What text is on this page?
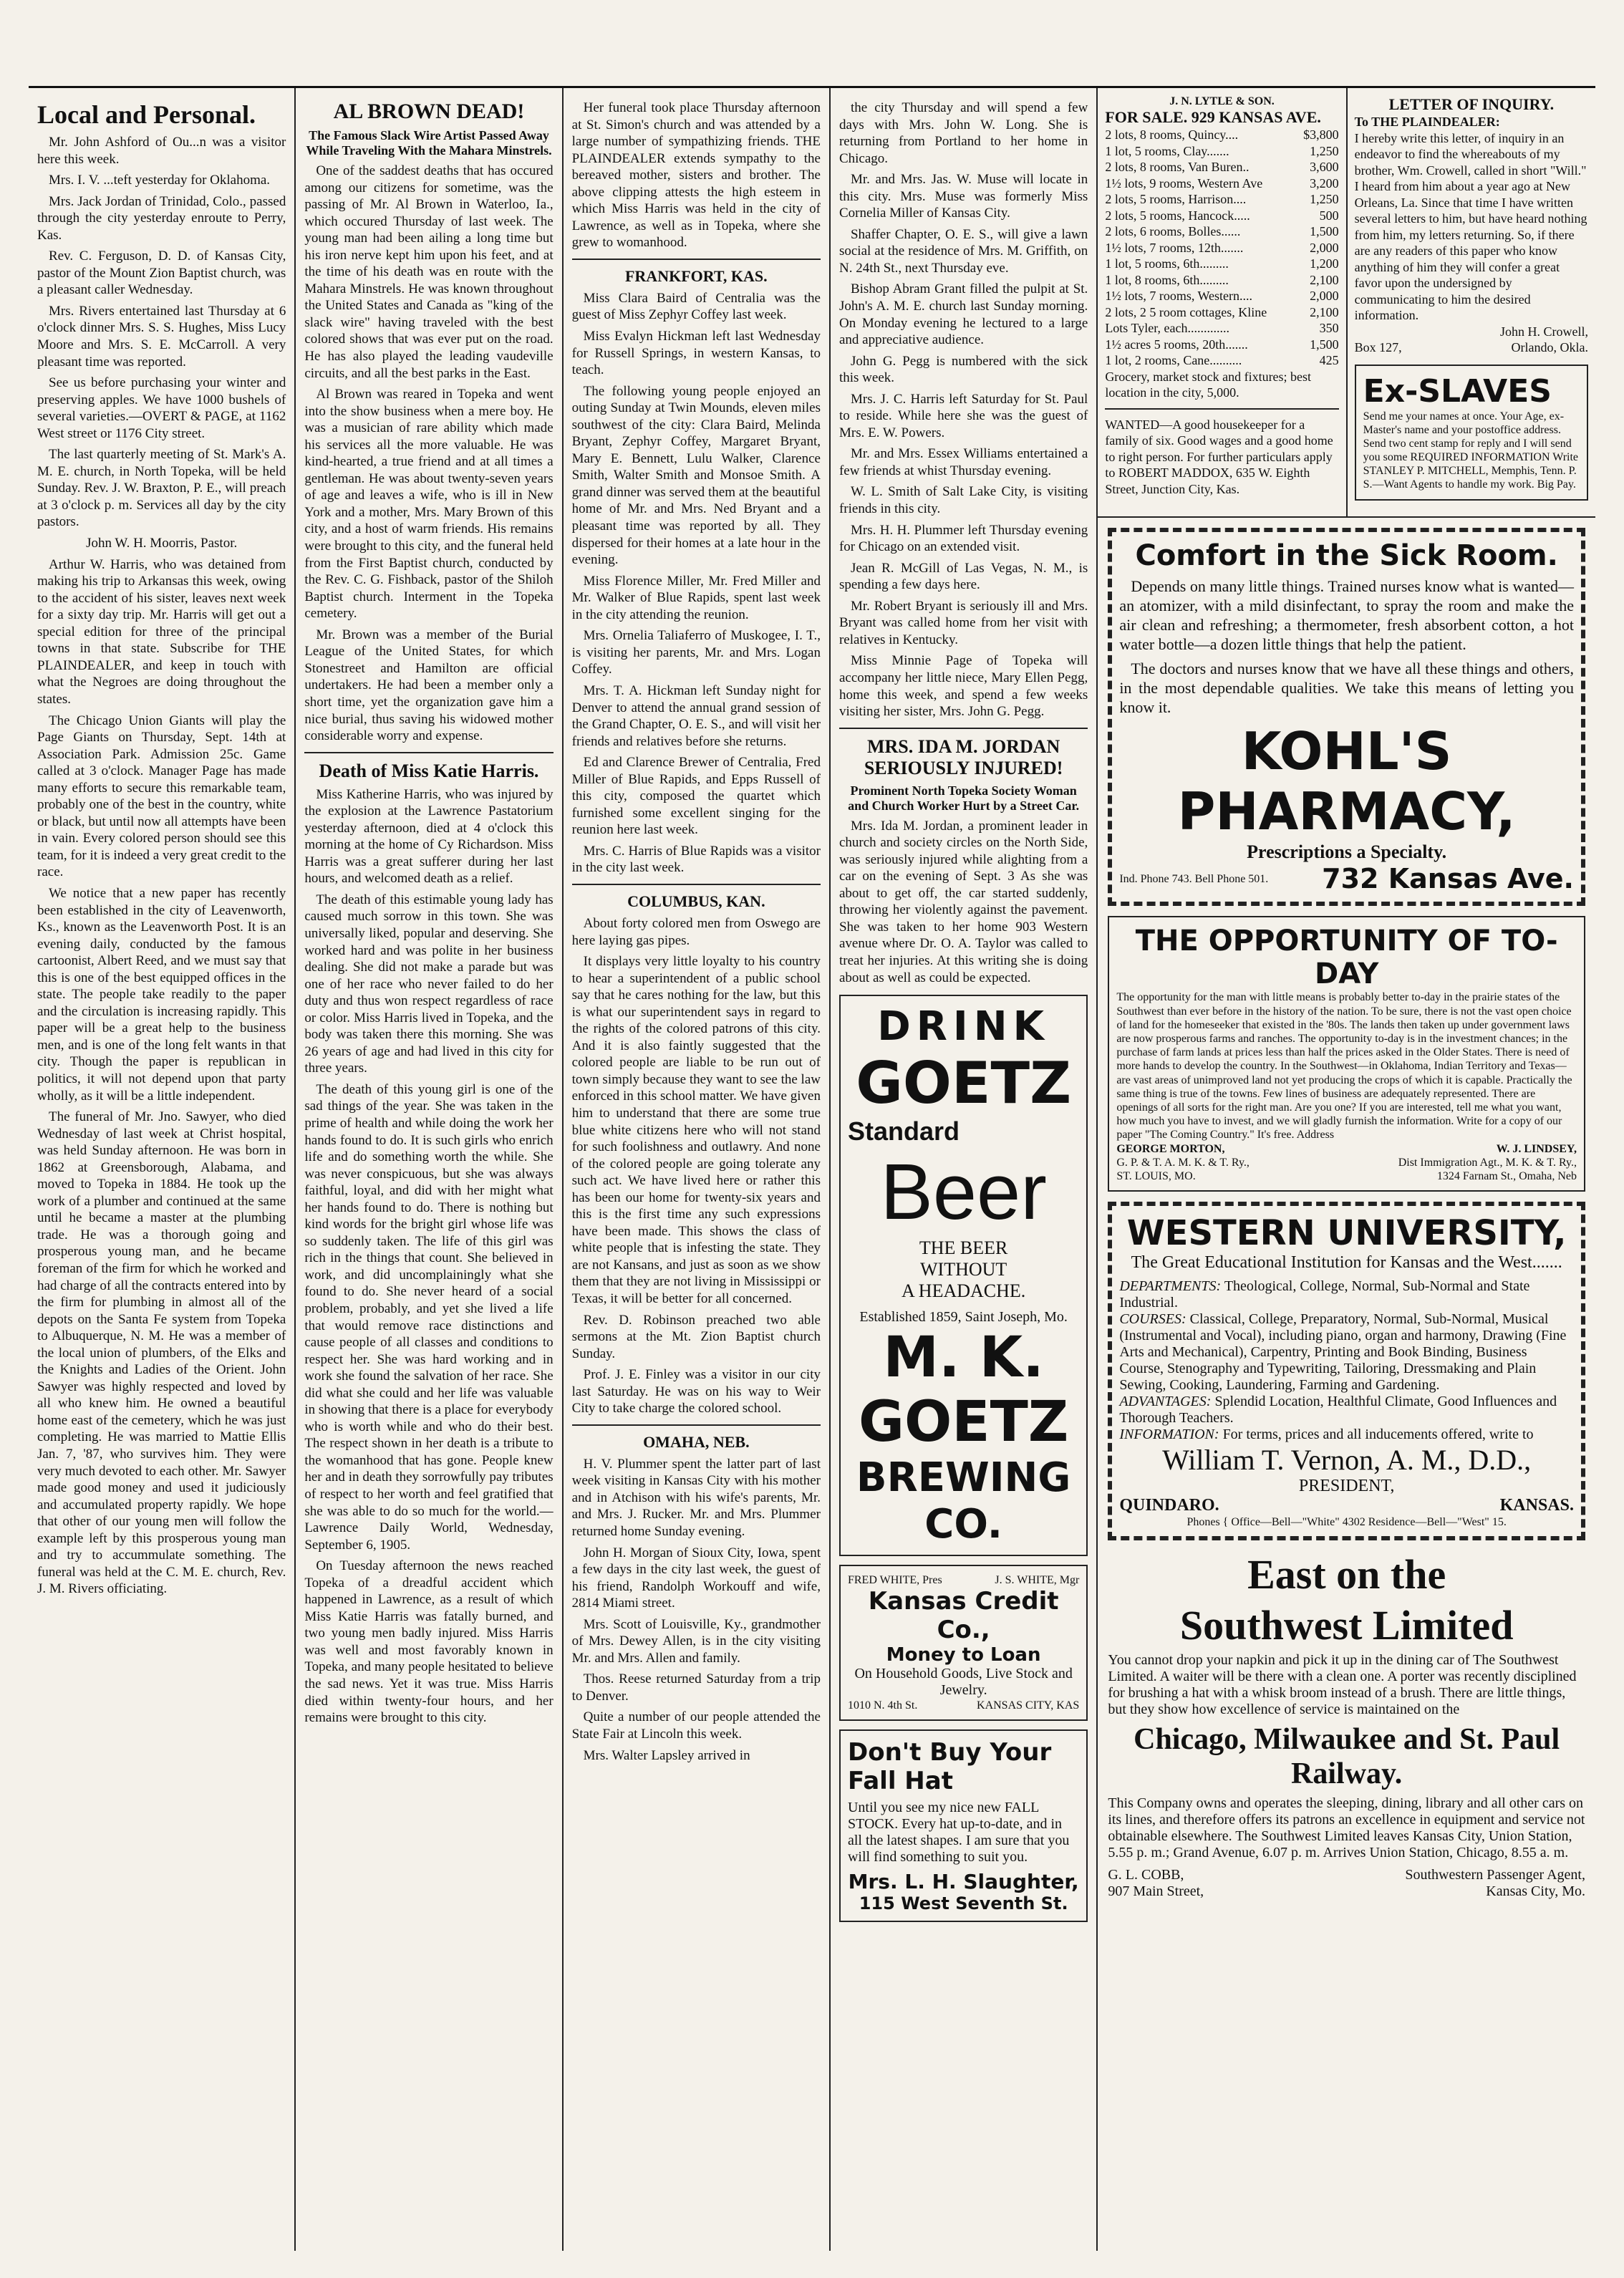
Local and Personal.

Mr. John Ashford of Ou...n was a visitor here this week.

Mrs. I. V. ...teft yesterday for Oklahoma.

Mrs. Jack Jordan of Trinidad, Colo., passed through the city yesterday enroute to Perry, Kas.

Rev. C. Ferguson, D. D. of Kansas City, pastor of the Mount Zion Baptist church, was a pleasant caller Wednesday.

Mrs. Rivers entertained last Thursday at 6 o'clock dinner Mrs. S. S. Hughes, Miss Lucy Moore and Mrs. S. E. McCarroll. A very pleasant time was reported.

See us before purchasing your winter and preserving apples. We have 1000 bushels of several varieties.—OVERT & PAGE, at 1162 West street or 1176 City street.

The last quarterly meeting of St. Mark's A. M. E. church, in North Topeka, will be held Sunday. Rev. J. W. Braxton, P. E., will preach at 3 o'clock p. m. Services all day by the city pastors.

John W. H. Moorris, Pastor.

Arthur W. Harris, who was detained from making his trip to Arkansas this week, owing to the accident of his sister, leaves next week for a sixty day trip. Mr. Harris will get out a special edition for three of the principal towns in that state. Subscribe for THE PLAINDEALER, and keep in touch with what the Negroes are doing throughout the states.

The Chicago Union Giants will play the Page Giants on Thursday, Sept. 14th at Association Park. Admission 25c. Game called at 3 o'clock. Manager Page has made many efforts to secure this remarkable team, probably one of the best in the country, white or black, but until now all attempts have been in vain. Every colored person should see this team, for it is indeed a very great credit to the race.

We notice that a new paper has recently been established in the city of Leavenworth, Ks., known as the Leavenworth Post. It is an evening daily, conducted by the famous cartoonist, Albert Reed, and we must say that this is one of the best equipped offices in the state. The people take readily to the paper and the circulation is increasing rapidly. This paper will be a great help to the business men, and is one of the long felt wants in that city. Though the paper is republican in politics, it will not depend upon that party wholly, as it will be a little independent.

The funeral of Mr. Jno. Sawyer, who died Wednesday of last week at Christ hospital, was held Sunday afternoon. He was born in 1862 at Greensborough, Alabama, and moved to Topeka in 1884. He took up the work of a plumber and continued at the same until he became a master at the plumbing trade. He was a thorough going and prosperous young man, and he became foreman of the firm for which he worked and had charge of all the contracts entered into by the firm for plumbing in almost all of the depots on the Santa Fe system from Topeka to Albuquerque, N. M. He was a member of the local union of plumbers, of the Elks and the Knights and Ladies of the Orient. John Sawyer was highly respected and loved by all who knew him. He owned a beautiful home east of the cemetery, which he was just completing. He was married to Mattie Ellis Jan. 7, '87, who survives him. They were very much devoted to each other. Mr. Sawyer made good money and used it judiciously and accumulated property rapidly. We hope that other of our young men will follow the example left by this prosperous young man and try to accummulate something. The funeral was held at the C. M. E. church, Rev. J. M. Rivers officiating.

AL BROWN DEAD!
The Famous Slack Wire Artist Passed Away While Traveling With the Mahara Minstrels.

One of the saddest deaths that has occured among our citizens for sometime, was the passing of Mr. Al Brown in Waterloo, Ia., which occured Thursday of last week. The young man had been ailing a long time but his iron nerve kept him upon his feet, and at the time of his death was en route with the Mahara Minstrels. He was known throughout the United States and Canada as "king of the slack wire" having traveled with the best colored shows that was ever put on the road. He has also played the leading vaudeville circuits, and all the best parks in the East.

Al Brown was reared in Topeka and went into the show business when a mere boy. He was a musician of rare ability which made his services all the more valuable. He was kind-hearted, a true friend and at all times a gentleman. He was about twenty-seven years of age and leaves a wife, who is ill in New York and a mother, Mrs. Mary Brown of this city, and a host of warm friends. His remains were brought to this city, and the funeral held from the First Baptist church, conducted by the Rev. C. G. Fishback, pastor of the Shiloh Baptist church. Interment in the Topeka cemetery.

Mr. Brown was a member of the Burial League of the United States, for which Stonestreet and Hamilton are official undertakers. He had been a member only a short time, yet the organization gave him a nice burial, thus saving his widowed mother considerable worry and expense.

Death of Miss Katie Harris.

Miss Katherine Harris, who was injured by the explosion at the Lawrence Pastatorium yesterday afternoon, died at 4 o'clock this morning at the home of Cy Richardson. Miss Harris was a great sufferer during her last hours, and welcomed death as a relief.

The death of this estimable young lady has caused much sorrow in this town. She was universally liked, popular and deserving. She worked hard and was polite in her business dealing. She did not make a parade but was one of her race who never failed to do her duty and thus won respect regardless of race or color. Miss Harris lived in Topeka, and the body was taken there this morning. She was 26 years of age and had lived in this city for three years.

The death of this young girl is one of the sad things of the year. She was taken in the prime of health and while doing the work her hands found to do. It is such girls who enrich life and do something worth the while. She was never conspicuous, but she was always faithful, loyal, and did with her might what her hands found to do. There is nothing but kind words for the bright girl whose life was so suddenly taken. The life of this girl was rich in the things that count. She believed in work, and did uncomplainingly what she found to do. She never heard of a social problem, probably, and yet she lived a life that would remove race distinctions and cause people of all classes and conditions to respect her. She was hard working and in work she found the salvation of her race. She did what she could and her life was valuable in showing that there is a place for everybody who is worth while and who do their best. The respect shown in her death is a tribute to the womanhood that has gone. People knew her and in death they sorrowfully pay tributes of respect to her worth and feel gratified that she was able to do so much for the world.—Lawrence Daily World, Wednesday, September 6, 1905.

On Tuesday afternoon the news reached Topeka of a dreadful accident which happened in Lawrence, as a result of which Miss Katie Harris was fatally burned, and two young men badly injured. Miss Harris was well and most favorably known in Topeka, and many people hesitated to believe the sad news. Yet it was true. Miss Harris died within twenty-four hours, and her remains were brought to this city.

Her funeral took place Thursday afternoon at St. Simon's church and was attended by a large number of sympathizing friends. THE PLAINDEALER extends sympathy to the bereaved mother, sisters and brother. The above clipping attests the high esteem in which Miss Harris was held in the city of Lawrence, as well as in Topeka, where she grew to womanhood.

FRANKFORT, KAS.

Miss Clara Baird of Centralia was the guest of Miss Zephyr Coffey last week.

Miss Evalyn Hickman left last Wednesday for Russell Springs, in western Kansas, to teach.

The following young people enjoyed an outing Sunday at Twin Mounds, eleven miles southwest of the city: Clara Baird, Melinda Bryant, Zephyr Coffey, Margaret Bryant, Mary E. Bennett, Lulu Walker, Clarence Smith, Walter Smith and Monsoe Smith. A grand dinner was served them at the beautiful home of Mr. and Mrs. Ned Bryant and a pleasant time was reported by all. They dispersed for their homes at a late hour in the evening.

Miss Florence Miller, Mr. Fred Miller and Mr. Walker of Blue Rapids, spent last week in the city attending the reunion.

Mrs. Ornelia Taliaferro of Muskogee, I. T., is visiting her parents, Mr. and Mrs. Logan Coffey.

Mrs. T. A. Hickman left Sunday night for Denver to attend the annual grand session of the Grand Chapter, O. E. S., and will visit her friends and relatives before she returns.

Ed and Clarence Brewer of Centralia, Fred Miller of Blue Rapids, and Epps Russell of this city, composed the quartet which furnished some excellent singing for the reunion here last week.

Mrs. C. Harris of Blue Rapids was a visitor in the city last week.

COLUMBUS, KAN.

About forty colored men from Oswego are here laying gas pipes.

It displays very little loyalty to his country to hear a superintendent of a public school say that he cares nothing for the law, but this is what our superintendent says in regard to the rights of the colored patrons of this city. And it is also faintly suggested that the colored people are liable to be run out of town simply because they want to see the law enforced in this school matter. We have given him to understand that there are some true blue white citizens here who will not stand for such foolishness and outlawry. And none of the colored people are going tolerate any such act. We have lived here or rather this has been our home for twenty-six years and this is the first time any such expressions have been made. This shows the class of white people that is infesting the state. They are not Kansans, and just as soon as we show them that they are not living in Mississippi or Texas, it will be better for all concerned.

Rev. D. Robinson preached two able sermons at the Mt. Zion Baptist church Sunday.

Prof. J. E. Finley was a visitor in our city last Saturday. He was on his way to Weir City to take charge the colored school.

OMAHA, NEB.

H. V. Plummer spent the latter part of last week visiting in Kansas City with his mother and in Atchison with his wife's parents, Mr. and Mrs. J. Rucker. Mr. and Mrs. Plummer returned home Sunday evening.

John H. Morgan of Sioux City, Iowa, spent a few days in the city last week, the guest of his friend, Randolph Workouff and wife, 2814 Miami street.

Mrs. Scott of Louisville, Ky., grandmother of Mrs. Dewey Allen, is in the city visiting Mr. and Mrs. Allen and family.

Thos. Reese returned Saturday from a trip to Denver.

Quite a number of our people attended the State Fair at Lincoln this week.

Mrs. Walter Lapsley arrived in

the city Thursday and will spend a few days with Mrs. John W. Long. She is returning from Portland to her home in Chicago.

Mr. and Mrs. Jas. W. Muse will locate in this city. Mrs. Muse was formerly Miss Cornelia Miller of Kansas City.

Shaffer Chapter, O. E. S., will give a lawn social at the residence of Mrs. M. Griffith, on N. 24th St., next Thursday eve.

Bishop Abram Grant filled the pulpit at St. John's A. M. E. church last Sunday morning. On Monday evening he lectured to a large and appreciative audience.

John G. Pegg is numbered with the sick this week.

Mrs. J. C. Harris left Saturday for St. Paul to reside. While here she was the guest of Mrs. E. W. Powers.

Mr. and Mrs. Essex Williams entertained a few friends at whist Thursday evening.

W. L. Smith of Salt Lake City, is visiting friends in this city.

Mrs. H. H. Plummer left Thursday evening for Chicago on an extended visit.

Jean R. McGill of Las Vegas, N. M., is spending a few days here.

Mr. Robert Bryant is seriously ill and Mrs. Bryant was called home from her visit with relatives in Kentucky.

Miss Minnie Page of Topeka will accompany her little niece, Mary Ellen Pegg, home this week, and spend a few weeks visiting her sister, Mrs. John G. Pegg.

MRS. IDA M. JORDAN SERIOUSLY INJURED!
Prominent North Topeka Society Woman and Church Worker Hurt by a Street Car.

Mrs. Ida M. Jordan, a prominent leader in church and society circles on the North Side, was seriously injured while alighting from a car on the evening of Sept. 3 As she was about to get off, the car started suddenly, throwing her violently against the pavement. She was taken to her home 903 Western avenue where Dr. O. A. Taylor was called to treat her injuries. At this writing she is doing about as well as could be expected.

DRINK
GOETZ
Standard
Beer
THE BEER
WITHOUT
A HEADACHE.
Established 1859, Saint Joseph, Mo.
M. K. GOETZ
BREWING CO.
FRED WHITE, Pres	J. S. WHITE, Mgr
Kansas Credit Co.,
Money to Loan
On Household Goods, Live Stock and Jewelry.
1010 N. 4th St.	KANSAS CITY, KAS
Don't Buy Your Fall Hat
Until you see my nice new FALL STOCK. Every hat up-to-date, and in all the latest shapes. I am sure that you will find something to suit you.
Mrs. L. H. Slaughter,
115 West Seventh St.
J. N. LYTLE & SON.
FOR SALE. 929 KANSAS AVE.
2 lots, 8 rooms, Quincy....	$3,800
1 lot, 5 rooms, Clay.......	1,250
2 lots, 8 rooms, Van Buren..	3,600
1½ lots, 9 rooms, Western Ave	3,200
2 lots, 5 rooms, Harrison....	1,250
2 lots, 5 rooms, Hancock.....	500
2 lots, 6 rooms, Bolles......	1,500
1½ lots, 7 rooms, 12th.......	2,000
1 lot, 5 rooms, 6th.........	1,200
1 lot, 8 rooms, 6th.........	2,100
1½ lots, 7 rooms, Western....	2,000
2 lots, 2 5 room cottages, Kline	2,100
Lots Tyler, each.............	350
1½ acres 5 rooms, 20th.......	1,500
1 lot, 2 rooms, Cane..........	425
Grocery, market stock and fixtures; best location in the city, 5,000.
WANTED—A good housekeeper for a family of six. Good wages and a good home to right person. For further particulars apply to ROBERT MADDOX, 635 W. Eighth Street, Junction City, Kas.
LETTER OF INQUIRY.
To THE PLAINDEALER:
I hereby write this letter, of inquiry in an endeavor to find the whereabouts of my brother, Wm. Crowell, called in short "Will." I heard from him about a year ago at New Orleans, La. Since that time I have written several letters to him, but have heard nothing from him, my letters returning. So, if there are any readers of this paper who know anything of him they will confer a great favor upon the undersigned by communicating to him the desired information.
John H. Crowell,
Box 127,	Orlando, Okla.
Ex-SLAVES
Send me your names at once. Your Age, ex-Master's name and your postoffice address. Send two cent stamp for reply and I will send you some REQUIRED INFORMATION Write STANLEY P. MITCHELL, Memphis, Tenn. P. S.—Want Agents to handle my work. Big Pay.
Comfort in the Sick Room.

Depends on many little things. Trained nurses know what is wanted—an atomizer, with a mild disinfectant, to spray the room and make the air clean and refreshing; a thermometer, fresh absorbent cotton, a hot water bottle—a dozen little things that help the patient.

The doctors and nurses know that we have all these things and others, in the most dependable qualities. We take this means of letting you know it.

KOHL'S PHARMACY,
Prescriptions a Specialty.
Ind. Phone 743. Bell Phone 501. 732 Kansas Ave.
THE OPPORTUNITY OF TO-DAY
The opportunity for the man with little means is probably better to-day in the prairie states of the Southwest than ever before in the history of the nation. To be sure, there is not the vast open choice of land for the homeseeker that existed in the '80s. The lands then taken up under government laws are now prosperous farms and ranches. The opportunity to-day is in the investment chances; in the purchase of farm lands at prices less than half the prices asked in the Older States. There is need of more hands to develop the country. In the Southwest—in Oklahoma, Indian Territory and Texas—are vast areas of unimproved land not yet producing the crops of which it is capable. Practically the same thing is true of the towns. Few lines of business are adequately represented. There are openings of all sorts for the right man. Are you one? If you are interested, tell me what you want, how much you have to invest, and we will gladly furnish the information. Write for a copy of our paper "The Coming Country." It's free. Address
GEORGE MORTON,	W. J. LINDSEY,
G. P. & T. A. M. K. & T. Ry.,	Dist Immigration Agt., M. K. & T. Ry.,
ST. LOUIS, MO.	1324 Farnam St., Omaha, Neb
WESTERN UNIVERSITY,
The Great Educational Institution for Kansas and the West.......
DEPARTMENTS: Theological, College, Normal, Sub-Normal and State Industrial.
COURSES: Classical, College, Preparatory, Normal, Sub-Normal, Musical (Instrumental and Vocal), including piano, organ and harmony, Drawing (Fine Arts and Mechanical), Carpentry, Printing and Book Binding, Business Course, Stenography and Typewriting, Tailoring, Dressmaking and Plain Sewing, Cooking, Laundering, Farming and Gardening.
ADVANTAGES: Splendid Location, Healthful Climate, Good Influences and Thorough Teachers.
INFORMATION: For terms, prices and all inducements offered, write to
William T. Vernon, A. M., D.D.,
PRESIDENT,
QUINDARO.	KANSAS.
Phones { Office—Bell—"White" 4302 Residence—Bell—"West" 15.
East on the
Southwest Limited
You cannot drop your napkin and pick it up in the dining car of The Southwest Limited. A waiter will be there with a clean one. A porter was recently disciplined for brushing a hat with a whisk broom instead of a brush. There are little things, but they show how excellence of service is maintained on the
Chicago, Milwaukee and St. Paul Railway.
This Company owns and operates the sleeping, dining, library and all other cars on its lines, and therefore offers its patrons an excellence in equipment and service not obtainable elsewhere. The Southwest Limited leaves Kansas City, Union Station, 5.55 p. m.; Grand Avenue, 6.07 p. m. Arrives Union Station, Chicago, 8.55 a. m.
G. L. COBB,	Southwestern Passenger Agent,
907 Main Street,	Kansas City, Mo.
